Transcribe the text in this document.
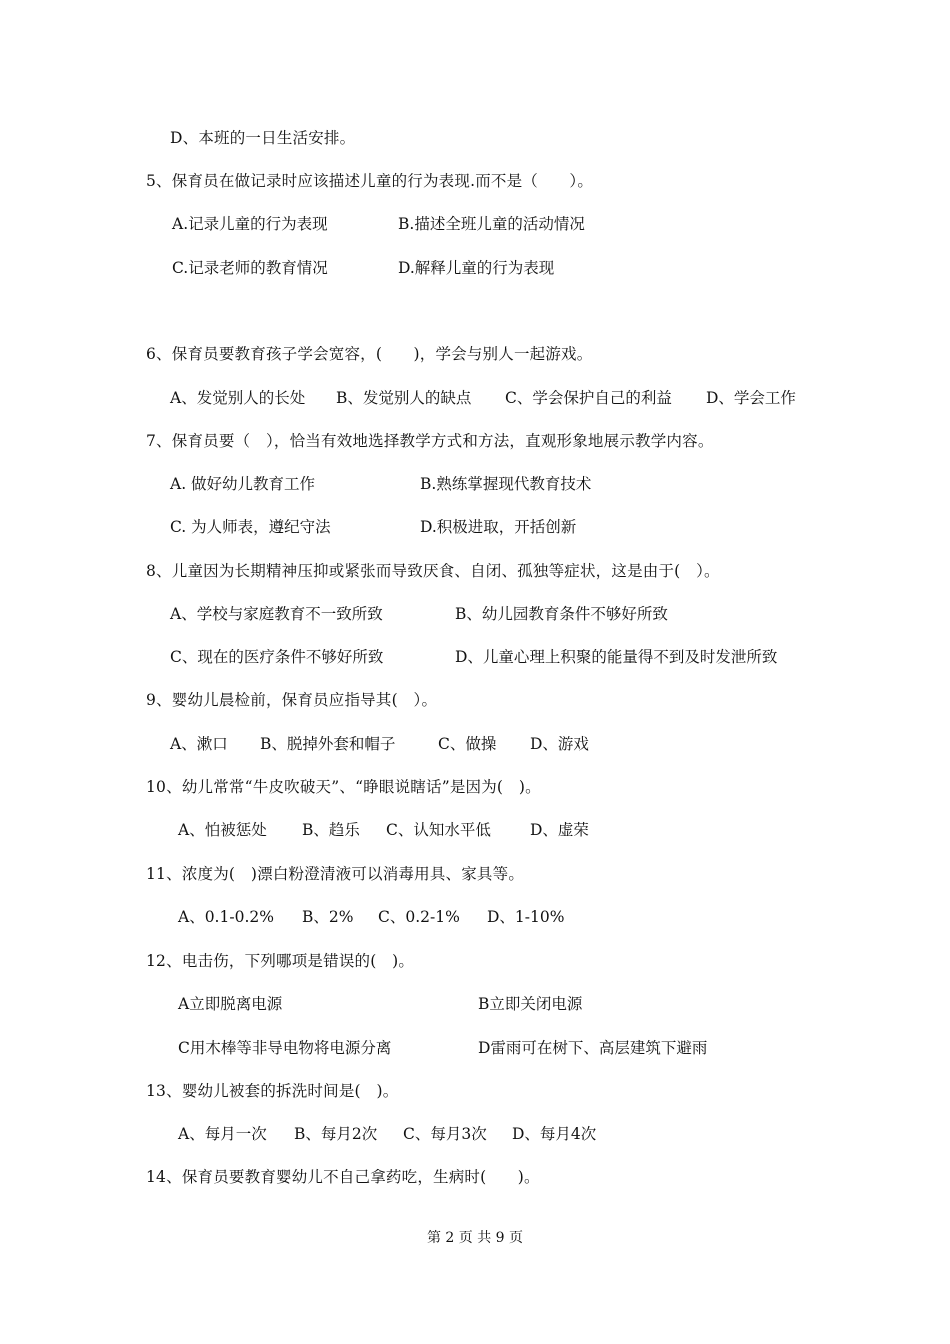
D、本班的一日生活安排。
5、保育员在做记录时应该描述儿童的行为表现.而不是（　　）。
A.记录儿童的行为表现	B.描述全班儿童的活动情况
C.记录老师的教育情况	D.解释儿童的行为表现
6、保育员要教育孩子学会宽容，(　　)，学会与别人一起游戏。
A、发觉别人的长处 B、发觉别人的缺点 C、学会保护自己的利益 D、学会工作
7、保育员要（　），恰当有效地选择教学方式和方法，直观形象地展示教学内容。
A. 做好幼儿教育工作	B.熟练掌握现代教育技术
C. 为人师表，遵纪守法	D.积极进取，开括创新
8、儿童因为长期精神压抑或紧张而导致厌食、自闭、孤独等症状，这是由于(　）。
A、学校与家庭教育不一致所致	B、幼儿园教育条件不够好所致
C、现在的医疗条件不够好所致	D、儿童心理上积聚的能量得不到及时发泄所致
9、婴幼儿晨检前，保育员应指导其(　）。
A、漱口 B、脱掉外套和帽子	C、做操 D、游戏
10、幼儿常常“牛皮吹破天”、“睁眼说瞎话”是因为(　)。
A、怕被惩处 B、趋乐 C、认知水平低	D、虚荣
11、浓度为(　)漂白粉澄清液可以消毒用具、家具等。
A、0.1-0.2% B、2% C、0.2-1% D、1-10%
12、电击伤，下列哪项是错误的(　)。
A立即脱离电源	B立即关闭电源
C用木棒等非导电物将电源分离	D雷雨可在树下、高层建筑下避雨
13、婴幼儿被套的拆洗时间是(　)。
A、每月一次 B、每月2次 C、每月3次 D、每月4次
14、保育员要教育婴幼儿不自己拿药吃，生病时(　　)。
第 2 页 共 9 页
